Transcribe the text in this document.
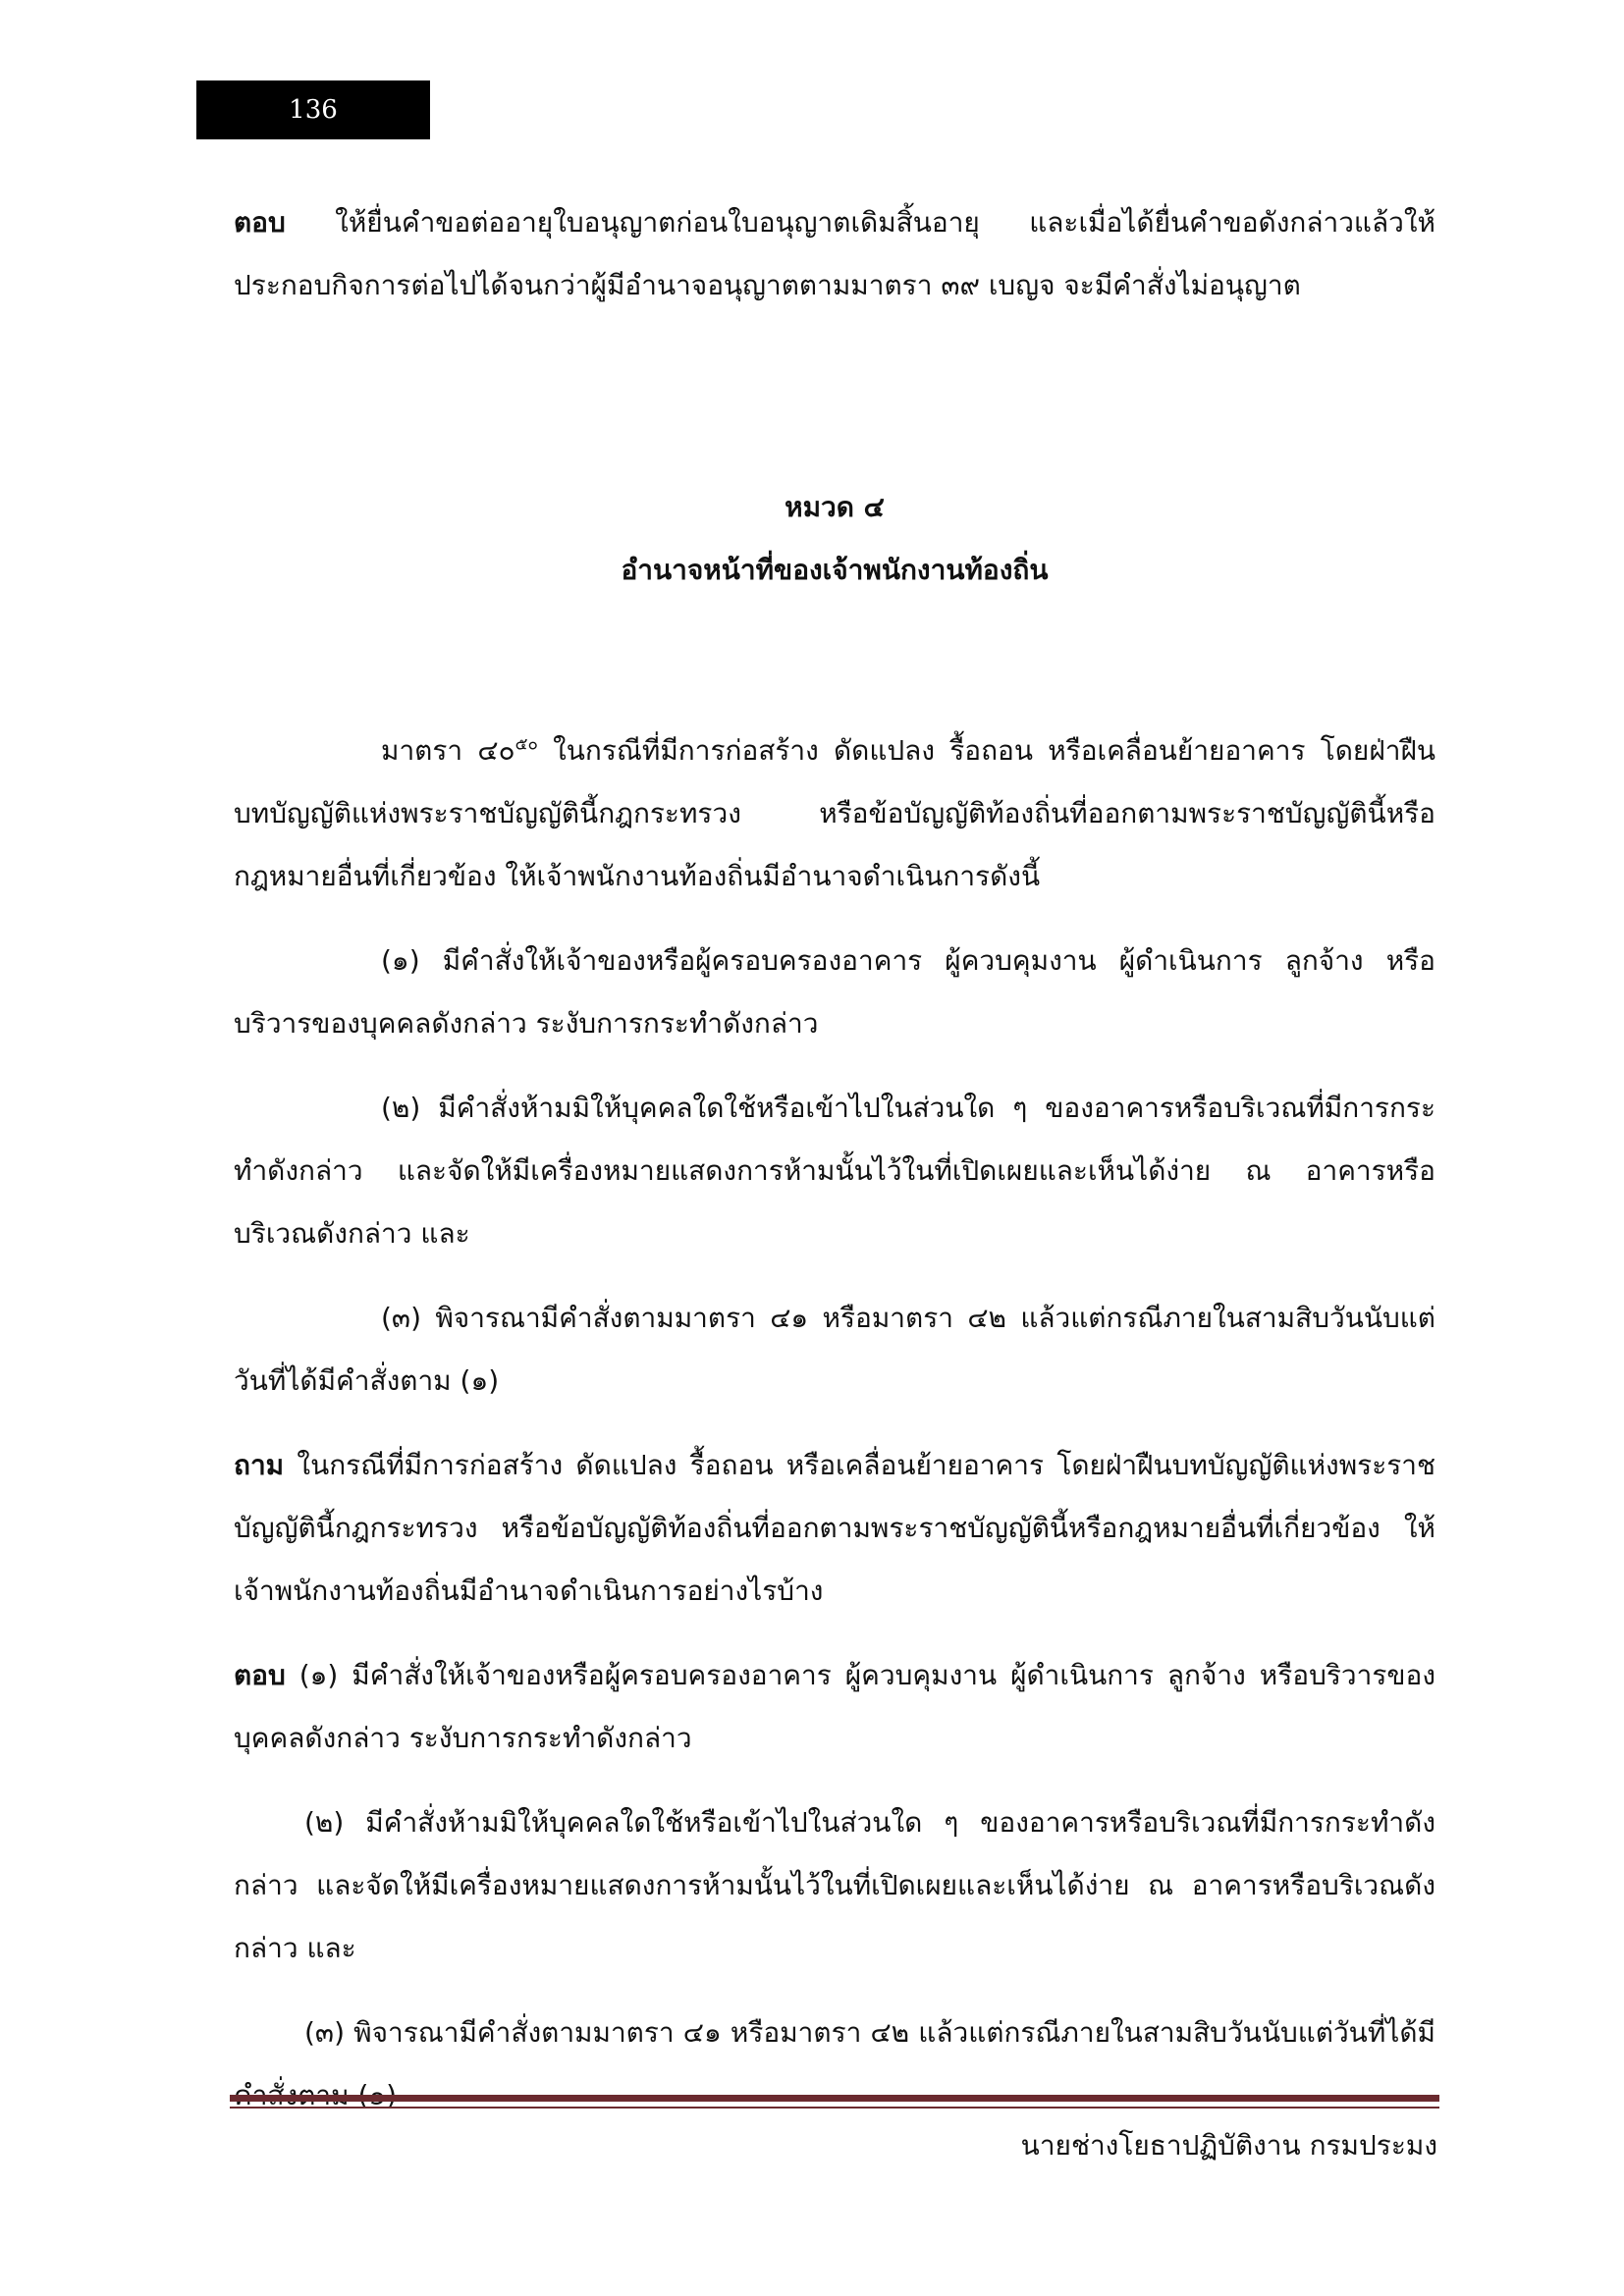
136

ตอบ ให้ยื่นคำขอต่ออายุใบอนุญาตก่อนใบอนุญาตเดิมสิ้นอายุ และเมื่อได้ยื่นคำขอดังกล่าวแล้วให้ประกอบกิจการต่อไปได้จนกว่าผู้มีอำนาจอนุญาตตามมาตรา ๓๙ เบญจ จะมีคำสั่งไม่อนุญาต

หมวด ๔

อำนาจหน้าที่ของเจ้าพนักงานท้องถิ่น

มาตรา ๔๐$^{๕๐}$ ในกรณีที่มีการก่อสร้าง ดัดแปลง รื้อถอน หรือเคลื่อนย้ายอาคาร โดยฝ่าฝืนบทบัญญัติแห่งพระราชบัญญัตินี้กฎกระทรวง หรือข้อบัญญัติท้องถิ่นที่ออกตามพระราชบัญญัตินี้หรือกฎหมายอื่นที่เกี่ยวข้อง ให้เจ้าพนักงานท้องถิ่นมีอำนาจดำเนินการดังนี้

(๑) มีคำสั่งให้เจ้าของหรือผู้ครอบครองอาคาร ผู้ควบคุมงาน ผู้ดำเนินการ ลูกจ้าง หรือบริวารของบุคคลดังกล่าว ระงับการกระทำดังกล่าว

(๒) มีคำสั่งห้ามมิให้บุคคลใดใช้หรือเข้าไปในส่วนใด ๆ ของอาคารหรือบริเวณที่มีการกระทำดังกล่าว และจัดให้มีเครื่องหมายแสดงการห้ามนั้นไว้ในที่เปิดเผยและเห็นได้ง่าย ณ อาคารหรือบริเวณดังกล่าว และ

(๓) พิจารณามีคำสั่งตามมาตรา ๔๑ หรือมาตรา ๔๒ แล้วแต่กรณีภายในสามสิบวันนับแต่วันที่ได้มีคำสั่งตาม (๑)

ถาม ในกรณีที่มีการก่อสร้าง ดัดแปลง รื้อถอน หรือเคลื่อนย้ายอาคาร โดยฝ่าฝืนบทบัญญัติแห่งพระราชบัญญัตินี้กฎกระทรวง หรือข้อบัญญัติท้องถิ่นที่ออกตามพระราชบัญญัตินี้หรือกฎหมายอื่นที่เกี่ยวข้อง ให้เจ้าพนักงานท้องถิ่นมีอำนาจดำเนินการอย่างไรบ้าง

ตอบ (๑) มีคำสั่งให้เจ้าของหรือผู้ครอบครองอาคาร ผู้ควบคุมงาน ผู้ดำเนินการ ลูกจ้าง หรือบริวารของบุคคลดังกล่าว ระงับการกระทำดังกล่าว

(๒) มีคำสั่งห้ามมิให้บุคคลใดใช้หรือเข้าไปในส่วนใด ๆ ของอาคารหรือบริเวณที่มีการกระทำดังกล่าว และจัดให้มีเครื่องหมายแสดงการห้ามนั้นไว้ในที่เปิดเผยและเห็นได้ง่าย ณ อาคารหรือบริเวณดังกล่าว และ

(๓) พิจารณามีคำสั่งตามมาตรา ๔๑ หรือมาตรา ๔๒ แล้วแต่กรณีภายในสามสิบวันนับแต่วันที่ได้มี

นายช่างโยธาปฏิบัติงาน กรมประมง
